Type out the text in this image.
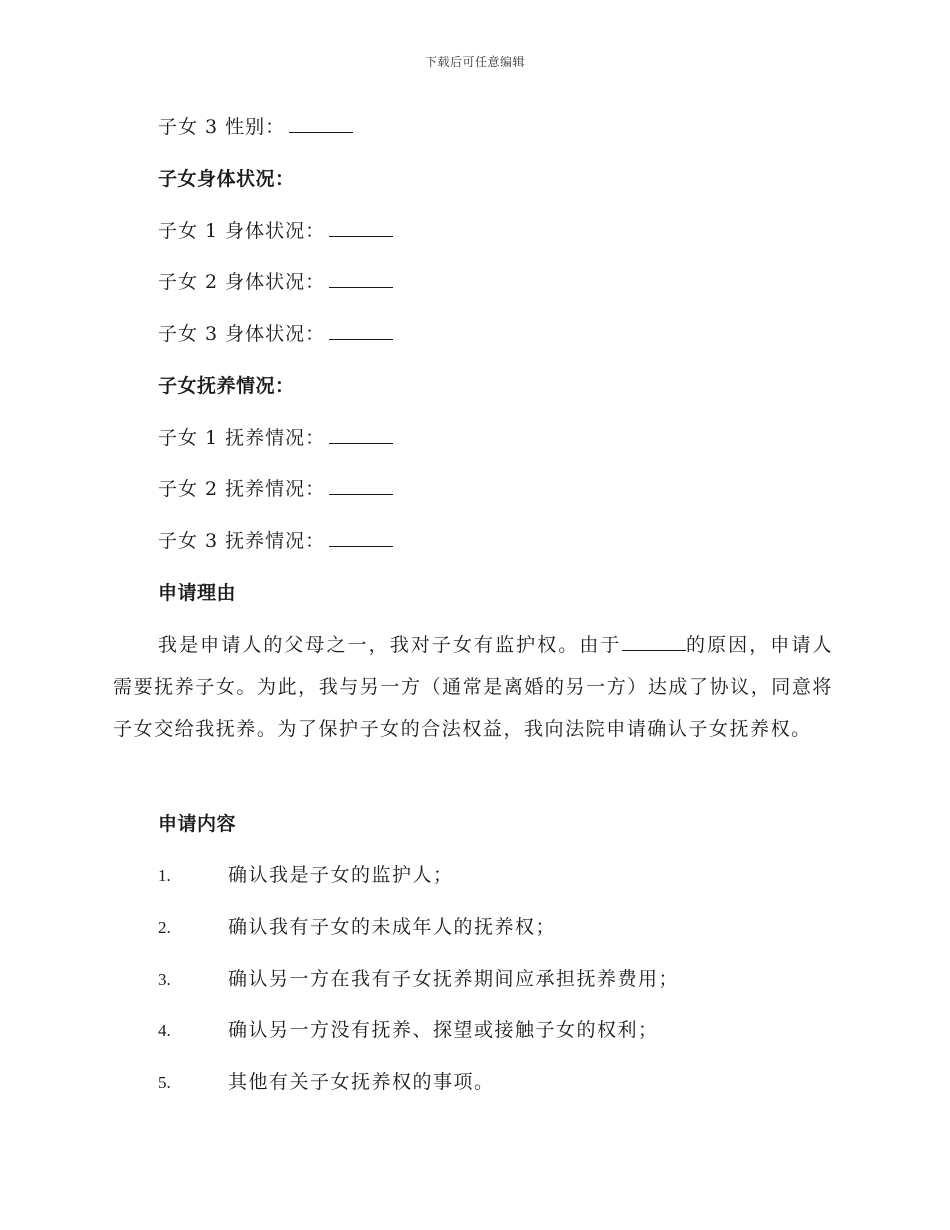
下载后可任意编辑
子女 3 性别：
子女身体状况：
子女 1 身体状况：
子女 2 身体状况：
子女 3 身体状况：
子女抚养情况：
子女 1 抚养情况：
子女 2 抚养情况：
子女 3 抚养情况：
申请理由
我是申请人的父母之一，我对子女有监护权。由于	的原因，申请人需要抚养子女。为此，我与另一方（通常是离婚的另一方）达成了协议，同意将子女交给我抚养。为了保护子女的合法权益，我向法院申请确认子女抚养权。
申请内容
1.	确认我是子女的监护人；
2.	确认我有子女的未成年人的抚养权；
3.	确认另一方在我有子女抚养期间应承担抚养费用；
4.	确认另一方没有抚养、探望或接触子女的权利；
5.	其他有关子女抚养权的事项。
